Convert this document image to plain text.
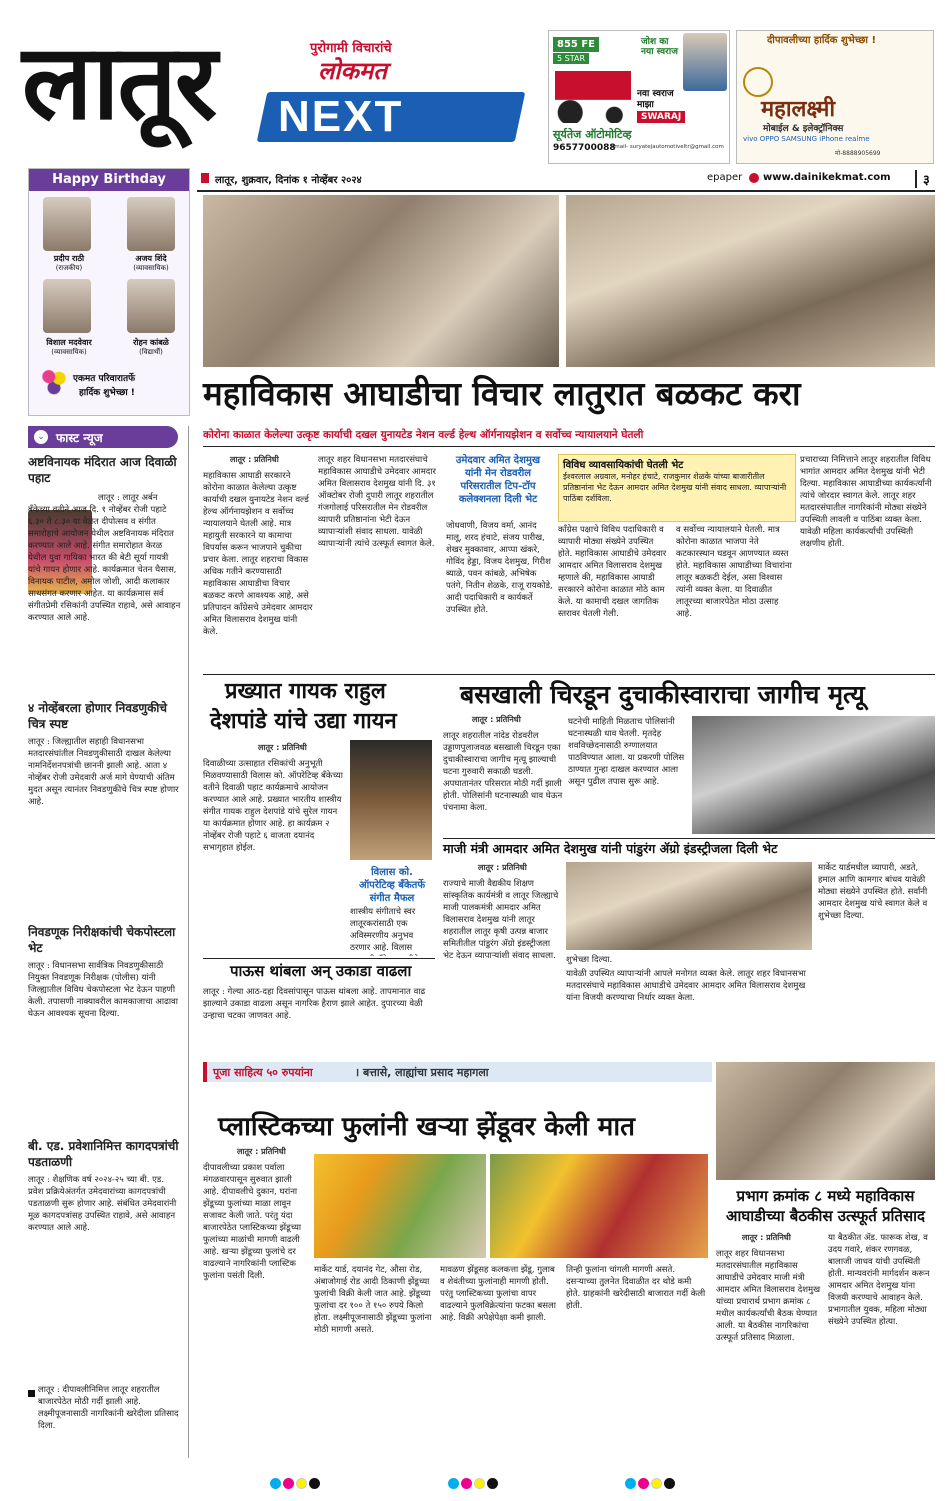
लातूर	पुरोगामी विचारांचे
लोकमत
NEXT
855 FE
5 STAR
जोश का नया स्वराज
नवा स्वराज माझा
SWARAJ
सूर्यतेज ऑटोमोटिव्ह
9657700088
email- suryatejautomotiveltr@gmail.com
दीपावलीच्या हार्दिक शुभेच्छा !
महालक्ष्मी
मोबाईल & इलेक्ट्रॉनिक्स
vivo OPPO SAMSUNG iPhone realme
मो-8888905699
लातूर, शुक्रवार, दिनांक १ नोव्हेंबर २०२४	epaper www.dainikekmat.com	३
Happy Birthday
प्रदीप राठी
(राजकीय)
अजय शिंदे
(व्यावसायिक)
विशाल मदवेवार
(व्यावसायिक)
रोहन कांबळे
(विद्यार्थी)
एकमत परिवारातर्फे
हार्दिक शुभेच्छा !
⌄ फास्ट न्यूज
अष्टविनायक मंदिरात आज दिवाळी पहाट
लातूर : लातूर अर्बन बँकेच्या वतीने आज दि. १ नोव्हेंबर रोजी पहाटे ६.३० ते ८.३० या वेळेत दीपोत्सव व संगीत समारोहाचे आयोजन येथील अष्टविनायक मंदिरात करण्यात आले आहे. संगीत समारोहात केरळ येथील युवा गायिका भारत की बेटी सूर्या गायत्री यांचे गायन होणार आहे. कार्यक्रमात चेतन घैसास, विनायक पाटील, अमोल जोशी, आदी कलाकार साथसंगत करणार आहेत. या कार्यक्रमास सर्व संगीतप्रेमी रसिकांनी उपस्थित राहावे, असे आवाहन करण्यात आले आहे.
४ नोव्हेंबरला होणार निवडणुकीचे चित्र स्पष्ट
लातूर : जिल्ह्यातील सहाही विधानसभा मतदारसंघांतील निवडणुकीसाठी दाखल केलेल्या नामनिर्देशनपत्रांची छाननी झाली आहे. आता ४ नोव्हेंबर रोजी उमेदवारी अर्ज मागे घेण्याची अंतिम मुदत असून त्यानंतर निवडणुकीचे चित्र स्पष्ट होणार आहे.
निवडणूक निरीक्षकांची चेकपोस्टला भेट
लातूर : विधानसभा सार्वत्रिक निवडणुकीसाठी नियुक्त निवडणूक निरीक्षक (पोलीस) यांनी जिल्ह्यातील विविध चेकपोस्टला भेट देऊन पाहणी केली. तपासणी नाक्यावरील कामकाजाचा आढावा घेऊन आवश्यक सूचना दिल्या.
बी. एड. प्रवेशानिमित्त कागदपत्रांची पडताळणी
लातूर : शैक्षणिक वर्ष २०२४-२५ च्या बी. एड. प्रवेश प्रक्रियेअंतर्गत उमेदवारांच्या कागदपत्रांची पडताळणी सुरू होणार आहे. संबंधित उमेदवारांनी मूळ कागदपत्रांसह उपस्थित राहावे, असे आवाहन करण्यात आले आहे.
लातूर : दीपावलीनिमित्त लातूर शहरातील बाजारपेठेत मोठी गर्दी झाली आहे. लक्ष्मीपूजनासाठी नागरिकांनी खरेदीला प्रतिसाद दिला.
महाविकास आघाडीचा विचार लातुरात बळकट करा
कोरोना काळात केलेल्या उत्कृष्ट कार्याची दखल युनायटेड नेशन वर्ल्ड हेल्थ ऑर्गनायझेशन व सर्वोच्च न्यायालयाने घेतली
लातूर : प्रतिनिधी
महाविकास आघाडी सरकारने कोरोना काळात केलेल्या उत्कृष्ट कार्याची दखल युनायटेड नेशन वर्ल्ड हेल्थ ऑर्गनायझेशन व सर्वोच्च न्यायालयाने घेतली आहे. मात्र महायुती सरकारने या कामाचा विपर्यास करून भाजपाने चुकीचा प्रचार केला. लातूर शहराचा विकास अधिक गतीने करण्यासाठी महाविकास आघाडीचा विचार बळकट करणे आवश्यक आहे, असे प्रतिपादन काँग्रेसचे उमेदवार आमदार अमित विलासराव देशमुख यांनी केले.
लातूर शहर विधानसभा मतदारसंघाचे महाविकास आघाडीचे उमेदवार आमदार अमित विलासराव देशमुख यांनी दि. ३१ ऑक्टोबर रोजी दुपारी लातूर शहरातील गंजगोलाई परिसरातील मेन रोडवरील व्यापारी प्रतिष्ठानांना भेटी देऊन व्यापाऱ्यांशी संवाद साधला. यावेळी व्यापाऱ्यांनी त्यांचे उत्स्फूर्त स्वागत केले.
उमेदवार अमित देशमुख यांनी मेन रोडवरील परिसरातील टिप-टॉप कलेक्शनला दिली भेट
जोधवाणी, विजय वर्मा, आनंद मालू, शरद हंचाटे, संजय पारीख, शेखर मुक्कावार, आप्पा खंकरे, गोविंद हेड्डा, विजय देशमुख, गिरीश ब्याळे, पवन कांबळे, अभिषेक पतंगे, नितीन शेळके, राजू रायकोडे, आदी पदाधिकारी व कार्यकर्ते उपस्थित होते.
विविध व्यावसायिकांची घेतली भेट
ईश्वरलाल अग्रवाल, मनोहर हंचाटे, राजकुमार शेळके यांच्या बाजारीतील प्रतिष्ठानांना भेट देऊन आमदार अमित देशमुख यांनी संवाद साधला. व्यापाऱ्यांनी पाठिंबा दर्शविला.
काँग्रेस पक्षाचे विविध पदाधिकारी व व्यापारी मोठ्या संख्येने उपस्थित होते. महाविकास आघाडीचे उमेदवार आमदार अमित विलासराव देशमुख म्हणाले की, महाविकास आघाडी सरकारने कोरोना काळात मोठे काम केले. या कामाची दखल जागतिक स्तरावर घेतली गेली.
व सर्वोच्च न्यायालयाने घेतली. मात्र कोरोना काळात भाजपा नेते कटकारस्थान घडवून आणण्यात व्यस्त होते. महाविकास आघाडीच्या विचारांना लातूर बळकटी देईल, असा विश्वास त्यांनी व्यक्त केला. या दिवाळीत लातूरच्या बाजारपेठेत मोठा उत्साह आहे.
प्रचाराच्या निमित्ताने लातूर शहरातील विविध भागांत आमदार अमित देशमुख यांनी भेटी दिल्या. महाविकास आघाडीच्या कार्यकर्त्यांनी त्यांचे जोरदार स्वागत केले. लातूर शहर मतदारसंघातील नागरिकांनी मोठ्या संख्येने उपस्थिती लावली व पाठिंबा व्यक्त केला. यावेळी महिला कार्यकर्त्यांची उपस्थिती लक्षणीय होती.
प्रख्यात गायक राहुल
देशपांडे यांचे उद्या गायन
लातूर : प्रतिनिधी
दिवाळीच्या उत्साहात रसिकांची अनुभूती मिळवण्यासाठी विलास को. ऑपरेटिव्ह बँकेच्या वतीने दिवाळी पहाट कार्यक्रमाचे आयोजन करण्यात आले आहे. प्रख्यात भारतीय शास्त्रीय संगीत गायक राहुल देशपांडे यांचे सुरेल गायन या कार्यक्रमात होणार आहे. हा कार्यक्रम २ नोव्हेंबर रोजी पहाटे ६ वाजता दयानंद सभागृहात होईल.
विलास को. ऑपरेटिव्ह बँकेतर्फे संगीत मैफल
शास्त्रीय संगीताचे स्वर लातूरकरांसाठी एक अविस्मरणीय अनुभव ठरणार आहे. विलास
बसखाली चिरडून दुचाकीस्वाराचा जागीच मृत्यू
लातूर : प्रतिनिधी
लातूर शहरातील नांदेड रोडवरील उड्डाणपुलाजवळ बसखाली चिरडून एका दुचाकीस्वाराचा जागीच मृत्यू झाल्याची घटना गुरुवारी सकाळी घडली. अपघातानंतर परिसरात मोठी गर्दी झाली होती. पोलिसांनी घटनास्थळी धाव घेऊन पंचनामा केला.
घटनेची माहिती मिळताच पोलिसांनी घटनास्थळी धाव घेतली. मृतदेह शवविच्छेदनासाठी रुग्णालयात पाठविण्यात आला. या प्रकरणी पोलिस ठाण्यात गुन्हा दाखल करण्यात आला असून पुढील तपास सुरू आहे.
माजी मंत्री आमदार अमित देशमुख यांनी पांडुरंग ॲग्रो इंडस्ट्रीजला दिली भेट
लातूर : प्रतिनिधी
राज्याचे माजी वैद्यकीय शिक्षण सांस्कृतिक कार्यमंत्री व लातूर जिल्ह्याचे माजी पालकमंत्री आमदार अमित विलासराव देशमुख यांनी लातूर शहरातील लातूर कृषी उत्पन्न बाजार समितीतील पांडुरंग ॲग्रो इंडस्ट्रीजला भेट देऊन व्यापाऱ्यांशी संवाद साधला.	शुभेच्छा दिल्या.
यावेळी उपस्थित व्यापाऱ्यांनी आपले मनोगत व्यक्त केले. लातूर शहर विधानसभा मतदारसंघाचे महाविकास आघाडीचे उमेदवार आमदार अमित विलासराव देशमुख यांना विजयी करण्याचा निर्धार व्यक्त केला.
मार्केट यार्डमधील व्यापारी, अडते, हमाल आणि कामगार बांधव यावेळी मोठ्या संख्येने उपस्थित होते. सर्वांनी आमदार देशमुख यांचे स्वागत केले व शुभेच्छा दिल्या.
पाऊस थांबला अन् उकाडा वाढला
लातूर : गेल्या आठ-दहा दिवसांपासून पाऊस थांबला आहे. तापमानात वाढ झाल्याने उकाडा वाढला असून नागरिक हैराण झाले आहेत. दुपारच्या वेळी उन्हाचा चटका जाणवत आहे.
पूजा साहित्य ५० रुपयांना	। बत्तासे, लाह्यांचा प्रसाद महागला
प्लास्टिकच्या फुलांनी खऱ्या झेंडूवर केली मात
लातूर : प्रतिनिधी
दीपावलीच्या प्रकाश पर्वाला मंगळवारपासून सुरुवात झाली आहे. दीपावलीचे दुकान, घरांना झेंडूच्या फुलांच्या माळा लावून सजावट केली जाते. परंतु यंदा बाजारपेठेत प्लास्टिकच्या झेंडूच्या फुलांच्या माळांची मागणी वाढली आहे. खऱ्या झेंडूच्या फुलांचे दर वाढल्याने नागरिकांनी प्लास्टिक फुलांना पसंती दिली.
मार्केट यार्ड, दयानंद गेट, औसा रोड, अंबाजोगाई रोड आदी ठिकाणी झेंडूच्या फुलांची विक्री केली जात आहे. झेंडूच्या फुलांचा दर १०० ते १५० रुपये किलो होता. लक्ष्मीपूजनासाठी झेंडूच्या फुलांना मोठी मागणी असते.
मावळण झेंडूसह कलकत्ता झेंडू, गुलाब व शेवंतीच्या फुलांनाही मागणी होती. परंतु प्लास्टिकच्या फुलांचा वापर वाढल्याने फुलविक्रेत्यांना फटका बसला आहे. विक्री अपेक्षेपेक्षा कमी झाली.
तिन्ही फुलांना चांगली मागणी असते. दसऱ्याच्या तुलनेत दिवाळीत दर थोडे कमी होते. ग्राहकांनी खरेदीसाठी बाजारात गर्दी केली होती.
प्रभाग क्रमांक ८ मध्ये महाविकास आघाडीच्या बैठकीस उत्स्फूर्त प्रतिसाद
लातूर : प्रतिनिधी
लातूर शहर विधानसभा मतदारसंघातील महाविकास आघाडीचे उमेदवार माजी मंत्री आमदार अमित विलासराव देशमुख यांच्या प्रचारार्थ प्रभाग क्रमांक ८ मधील कार्यकर्त्यांची बैठक घेण्यात आली. या बैठकीस नागरिकांचा उत्स्फूर्त प्रतिसाद मिळाला.
या बैठकीत ॲड. फारूक शेख, व उदय गवारे, शंकर रणगवळ, बालाजी जाधव यांची उपस्थिती होती. मान्यवरांनी मार्गदर्शन करून आमदार अमित देशमुख यांना विजयी करण्याचे आवाहन केले. प्रभागातील युवक, महिला मोठ्या संख्येने उपस्थित होत्या.
